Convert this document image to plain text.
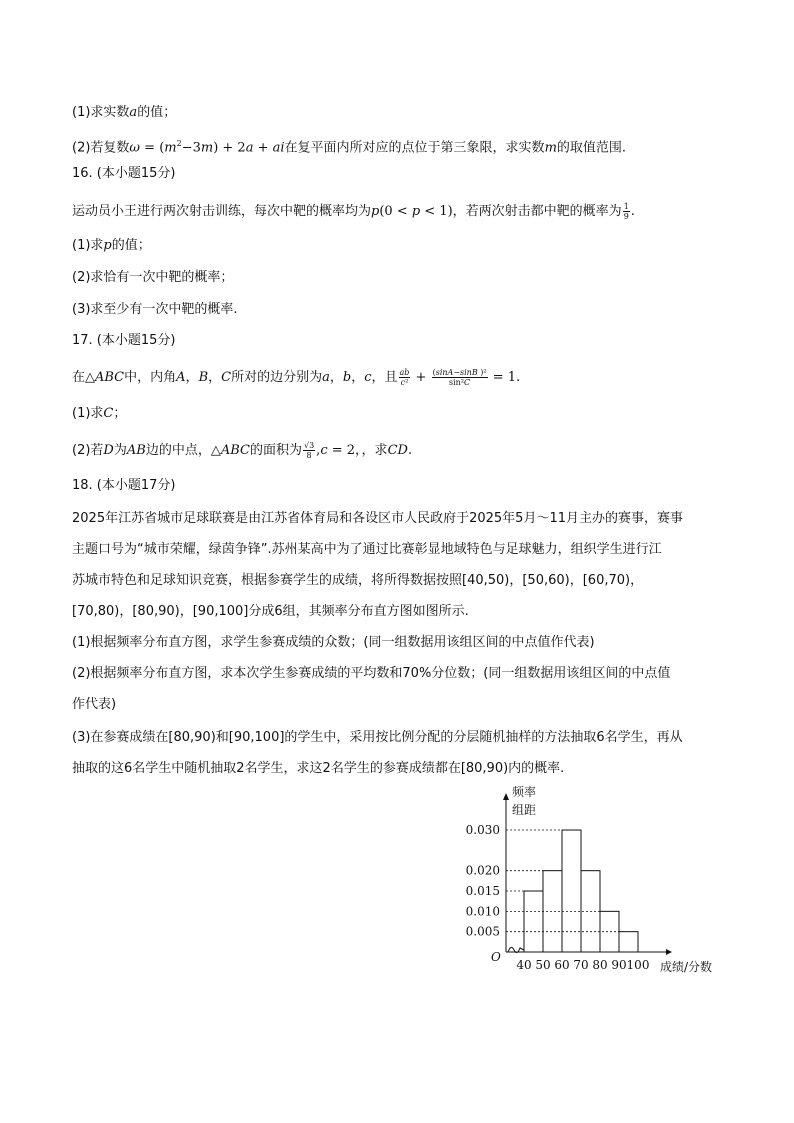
(1)求实数a的值；
(2)若复数$\omega = (m^2-3m) + 2a$ + ai在复平面内所对应的点位于第三象限，求实数m的取值范围.
16. (本小题15分)
运动员小王进行两次射击训练，每次中靶的概率均为p(0 < p < 1)，若两次射击都中靶的概率为 $\frac{1}{9}$ .
(1)求p的值；
(2)求恰有一次中靶的概率；
(3)求至少有一次中靶的概率.
17. (本小题15分)
在△ABC中，内角A，B，C所对的边分别为a，b，c，且 $\frac{ab}{\text{c²}} + \frac{\text{(sinA−sinB )²}}{\text{sin²C}} = 1$.
(1)求C；
(2)若D为AB边的中点，△ABC的面积为 $\frac{√3}{8} ,c = 2$，，求CD.
18. (本小题17分)
2025年江苏省城市足球联赛是由江苏省体育局和各设区市人民政府于2025年5月～11月主办的赛事，赛事
主题口号为“城市荣耀，绿茵争锋”.苏州某高中为了通过比赛彰显地域特色与足球魅力，组织学生进行江
苏城市特色和足球知识竞赛，根据参赛学生的成绩，将所得数据按照[40,50)，[50,60)，[60,70)，
[70,80)，[80,90)，[90,100]分成6组，其频率分布直方图如图所示.
(1)根据频率分布直方图，求学生参赛成绩的众数；(同一组数据用该组区间的中点值作代表)
(2)根据频率分布直方图，求本次学生参赛成绩的平均数和70%分位数；(同一组数据用该组区间的中点值
作代表)
(3)在参赛成绩在[80,90)和[90,100]的学生中，采用按比例分配的分层随机抽样的方法抽取6名学生，再从
抽取的这6名学生中随机抽取2名学生，求这2名学生的参赛成绩都在[80,90)内的概率.
0.030
0.020
0.015
0.010
0.005
40 50 60 70 80 90 100
频率
组距
成绩/分数
O
